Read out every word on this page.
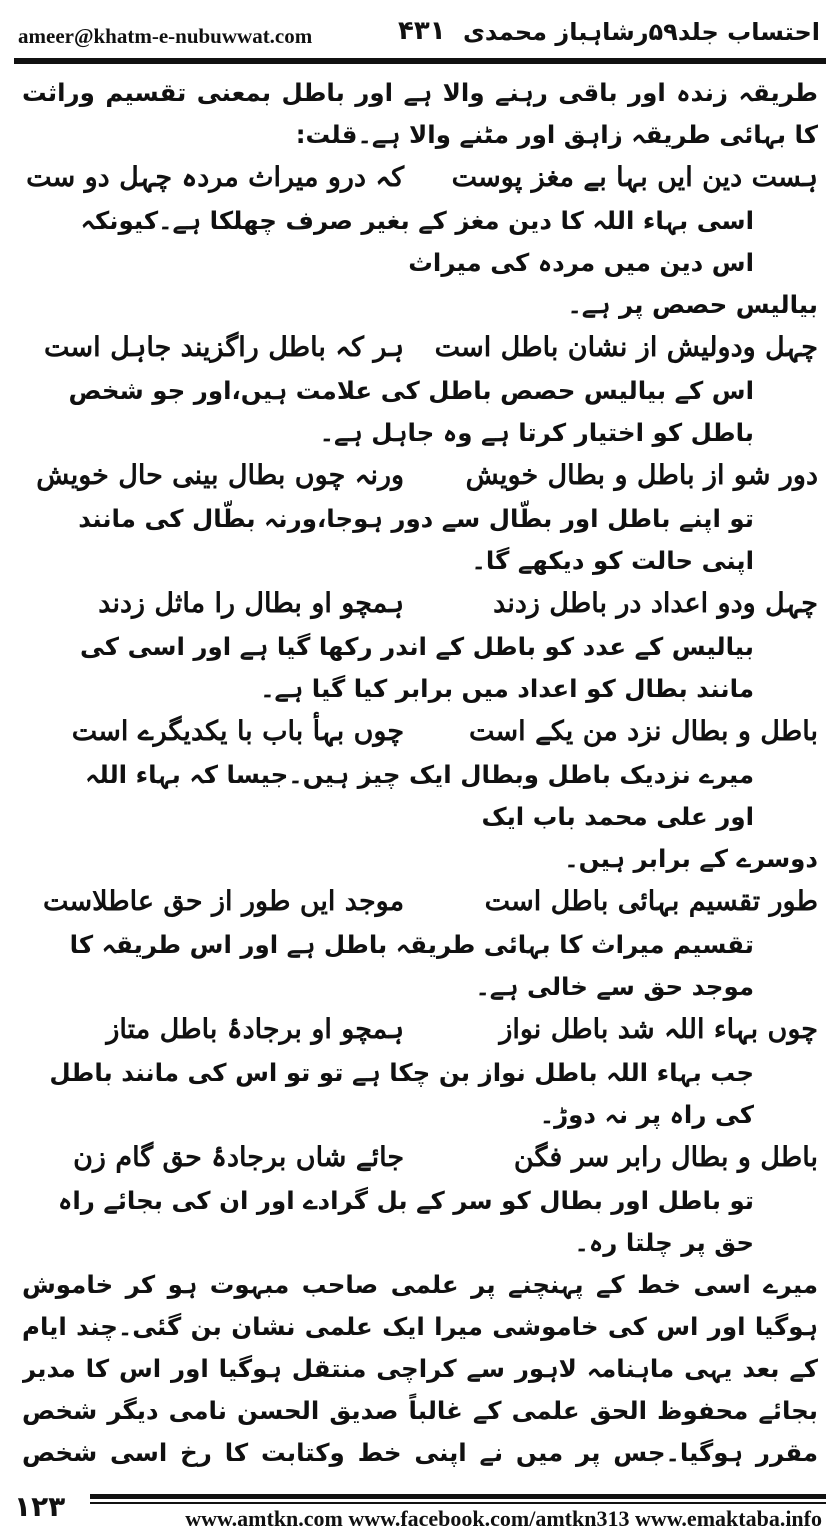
ameer@khatm-e-nubuwwat.com	۴۳۱ احتساب جلد۵۹رشاہباز محمدی

طریقہ زندہ اور باقی رہنے والا ہے اور باطل بمعنی تقسیم وراثت کا بہائی طریقہ زاہق اور مٹنے والا ہے۔قلت:

ہست دین ایں بہا بے مغز پوست
کہ درو میراث مردہ چہل دو ست
اسی بہاء اللہ کا دین مغز کے بغیر صرف چھلکا ہے۔کیونکہ اس دین میں مردہ کی میراث
بیالیس حصص پر ہے۔
چہل ودولیش از نشان باطل است
ہر کہ باطل راگزیند جاہل است
اس کے بیالیس حصص باطل کی علامت ہیں،اور جو شخص باطل کو اختیار کرتا ہے وہ جاہل ہے۔
دور شو از باطل و بطال خویش
ورنہ چوں بطال بینی حال خویش
تو اپنے باطل اور بطّال سے دور ہوجا،ورنہ بطّال کی مانند اپنی حالت کو دیکھے گا۔
چہل ودو اعداد در باطل زدند
ہمچو او بطال را ماثل زدند
بیالیس کے عدد کو باطل کے اندر رکھا گیا ہے اور اسی کی مانند بطال کو اعداد میں برابر کیا گیا ہے۔
باطل و بطال نزد من یکے است
چوں بہأ باب با یکدیگرے است
میرے نزدیک باطل وبطال ایک چیز ہیں۔جیسا کہ بہاء اللہ اور علی محمد باب ایک
دوسرے کے برابر ہیں۔
طور تقسیم بہائی باطل است
موجد ایں طور از حق عاطلاست
تقسیم میراث کا بہائی طریقہ باطل ہے اور اس طریقہ کا موجد حق سے خالی ہے۔
چوں بہاء اللہ شد باطل نواز
ہمچو او برجادۂ باطل متاز
جب بہاء اللہ باطل نواز بن چکا ہے تو تو اس کی مانند باطل کی راہ پر نہ دوڑ۔
باطل و بطال رابر سر فگن
جائے شاں برجادۂ حق گام زن
تو باطل اور بطال کو سر کے بل گرادے اور ان کی بجائے راہ حق پر چلتا رہ۔

میرے اسی خط کے پہنچنے پر علمی صاحب مبہوت ہو کر خاموش ہوگیا اور اس کی خاموشی میرا ایک علمی نشان بن گئی۔چند ایام کے بعد یہی ماہنامہ لاہور سے کراچی منتقل ہوگیا اور اس کا مدیر بجائے محفوظ الحق علمی کے غالباً صدیق الحسن نامی دیگر شخص مقرر ہوگیا۔جس پر میں نے اپنی خط وکتابت کا رخ اسی شخص

۱۲۳	www.amtkn.com www.facebook.com/amtkn313 www.emaktaba.info
